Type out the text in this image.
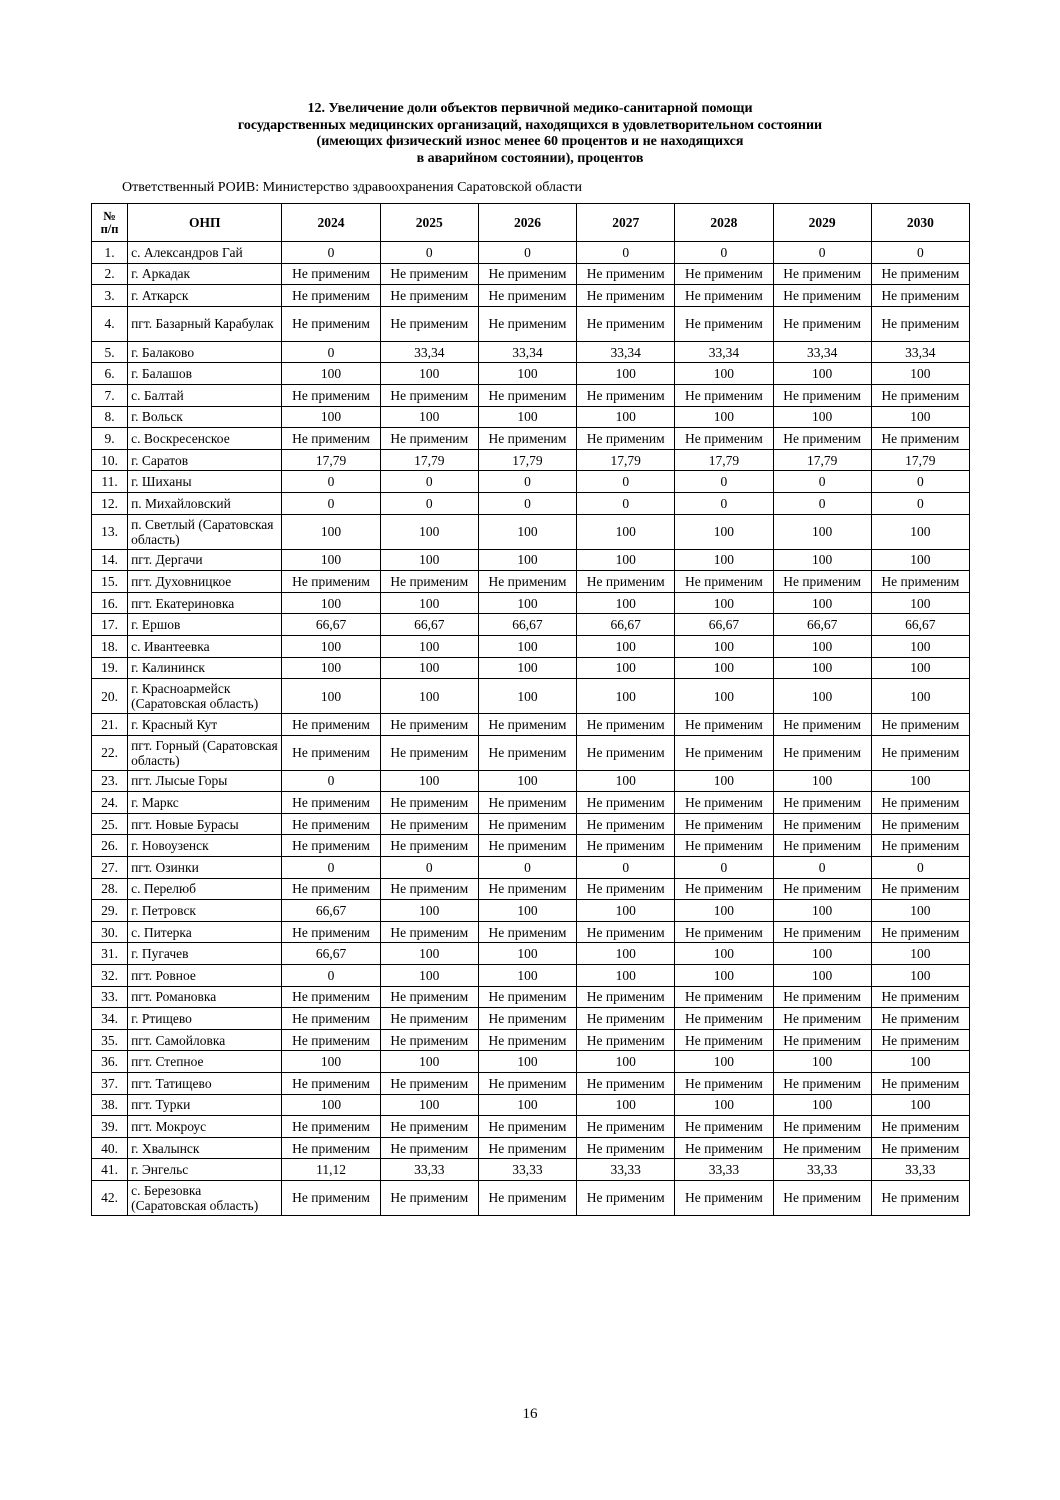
12. Увеличение доли объектов первичной медико-санитарной помощи
государственных медицинских организаций, находящихся в удовлетворительном состоянии
(имеющих физический износ менее 60 процентов и не находящихся
в аварийном состоянии), процентов
Ответственный РОИВ: Министерство здравоохранения Саратовской области
№
п/п	ОНП	2024	2025	2026	2027	2028	2029	2030
1.	с. Александров Гай	0	0	0	0	0	0	0
2.	г. Аркадак	Не применим	Не применим	Не применим	Не применим	Не применим	Не применим	Не применим
3.	г. Аткарск	Не применим	Не применим	Не применим	Не применим	Не применим	Не применим	Не применим
4.	пгт. Базарный Карабулак	Не применим	Не применим	Не применим	Не применим	Не применим	Не применим	Не применим
5.	г. Балаково	0	33,34	33,34	33,34	33,34	33,34	33,34
6.	г. Балашов	100	100	100	100	100	100	100
7.	с. Балтай	Не применим	Не применим	Не применим	Не применим	Не применим	Не применим	Не применим
8.	г. Вольск	100	100	100	100	100	100	100
9.	с. Воскресенское	Не применим	Не применим	Не применим	Не применим	Не применим	Не применим	Не применим
10.	г. Саратов	17,79	17,79	17,79	17,79	17,79	17,79	17,79
11.	г. Шиханы	0	0	0	0	0	0	0
12.	п. Михайловский	0	0	0	0	0	0	0
13.	п. Светлый (Саратовская область)	100	100	100	100	100	100	100
14.	пгт. Дергачи	100	100	100	100	100	100	100
15.	пгт. Духовницкое	Не применим	Не применим	Не применим	Не применим	Не применим	Не применим	Не применим
16.	пгт. Екатериновка	100	100	100	100	100	100	100
17.	г. Ершов	66,67	66,67	66,67	66,67	66,67	66,67	66,67
18.	с. Ивантеевка	100	100	100	100	100	100	100
19.	г. Калининск	100	100	100	100	100	100	100
20.	г. Красноармейск (Саратовская область)	100	100	100	100	100	100	100
21.	г. Красный Кут	Не применим	Не применим	Не применим	Не применим	Не применим	Не применим	Не применим
22.	пгт. Горный (Саратовская область)	Не применим	Не применим	Не применим	Не применим	Не применим	Не применим	Не применим
23.	пгт. Лысые Горы	0	100	100	100	100	100	100
24.	г. Маркс	Не применим	Не применим	Не применим	Не применим	Не применим	Не применим	Не применим
25.	пгт. Новые Бурасы	Не применим	Не применим	Не применим	Не применим	Не применим	Не применим	Не применим
26.	г. Новоузенск	Не применим	Не применим	Не применим	Не применим	Не применим	Не применим	Не применим
27.	пгт. Озинки	0	0	0	0	0	0	0
28.	с. Перелюб	Не применим	Не применим	Не применим	Не применим	Не применим	Не применим	Не применим
29.	г. Петровск	66,67	100	100	100	100	100	100
30.	с. Питерка	Не применим	Не применим	Не применим	Не применим	Не применим	Не применим	Не применим
31.	г. Пугачев	66,67	100	100	100	100	100	100
32.	пгт. Ровное	0	100	100	100	100	100	100
33.	пгт. Романовка	Не применим	Не применим	Не применим	Не применим	Не применим	Не применим	Не применим
34.	г. Ртищево	Не применим	Не применим	Не применим	Не применим	Не применим	Не применим	Не применим
35.	пгт. Самойловка	Не применим	Не применим	Не применим	Не применим	Не применим	Не применим	Не применим
36.	пгт. Степное	100	100	100	100	100	100	100
37.	пгт. Татищево	Не применим	Не применим	Не применим	Не применим	Не применим	Не применим	Не применим
38.	пгт. Турки	100	100	100	100	100	100	100
39.	пгт. Мокроус	Не применим	Не применим	Не применим	Не применим	Не применим	Не применим	Не применим
40.	г. Хвалынск	Не применим	Не применим	Не применим	Не применим	Не применим	Не применим	Не применим
41.	г. Энгельс	11,12	33,33	33,33	33,33	33,33	33,33	33,33
42.	с. Березовка (Саратовская область)	Не применим	Не применим	Не применим	Не применим	Не применим	Не применим	Не применим
16
